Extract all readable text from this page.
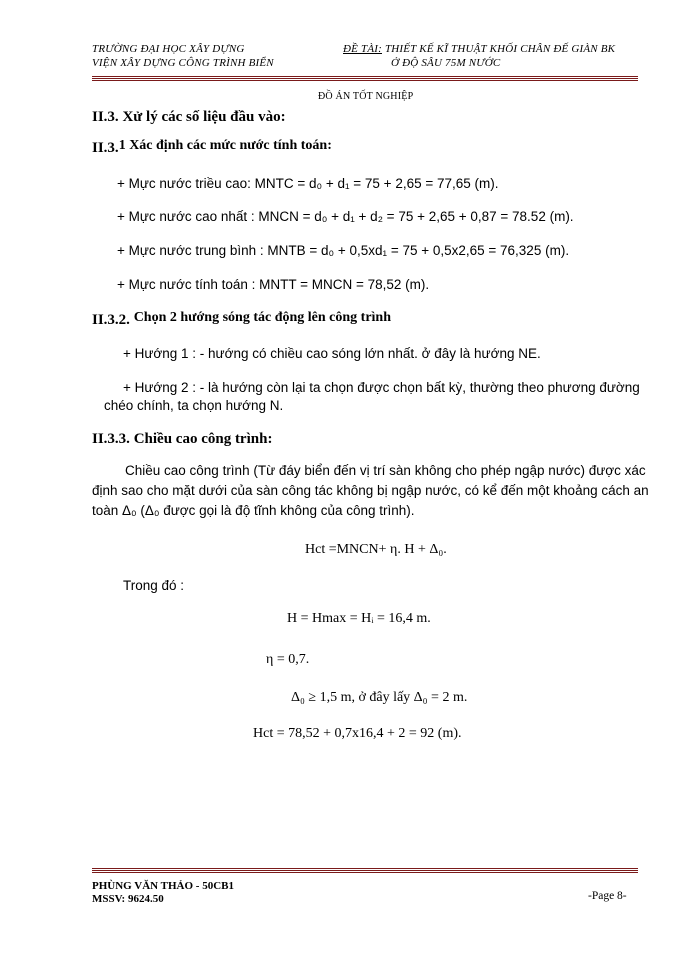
TRƯỜNG ĐẠI HỌC XÂY DỰNG
VIỆN XÂY DỰNG CÔNG TRÌNH BIỂN
ĐỀ TÀI: THIẾT KẾ KĨ THUẬT KHỐI CHÂN ĐẾ GIÀN BK
Ở ĐỘ SÂU 75M NƯỚC
ĐỒ ÁN TỐT NGHIỆP
II.3. Xử lý các số liệu đầu vào:
II.3.1 Xác định các mức nước tính toán:
+ Mực nước triều cao: MNTC = d₀ + d₁ = 75 + 2,65 = 77,65 (m).
+ Mực nước cao nhất : MNCN = d₀ + d₁ + d₂ = 75 + 2,65 + 0,87 = 78.52 (m).
+ Mực nước trung bình : MNTB = d₀ + 0,5xd₁ = 75 + 0,5x2,65 = 76,325 (m).
+ Mực nước tính toán : MNTT = MNCN = 78,52 (m).
II.3.2. Chọn 2 hướng sóng tác động lên công trình
+ Hướng 1 : - hướng có chiều cao sóng lớn nhất. ở đây là hướng NE.
+ Hướng 2 : - là hướng còn lại ta chọn được chọn bất kỳ, thường theo phương đường
chéo chính, ta chọn hướng N.
II.3.3. Chiều cao công trình:
Chiều cao công trình (Từ đáy biển đến vị trí sàn không cho phép ngập nước) được xác
định sao cho mặt dưới của sàn công tác không bị ngập nước, có kể đến một khoảng cách an
toàn Δ₀ (Δ₀ được gọi là độ tĩnh không của công trình).
Hct =MNCN+ η. H + Δ₀.
Trong đó :
H = Hmax = Hᵢ = 16,4 m.
η = 0,7.
Δ₀ ≥ 1,5 m, ở đây lấy Δ₀ = 2 m.
Hct = 78,52 + 0,7x16,4 + 2 = 92 (m).
PHÙNG VĂN THẢO - 50CB1
MSSV: 9624.50	-Page 8-
